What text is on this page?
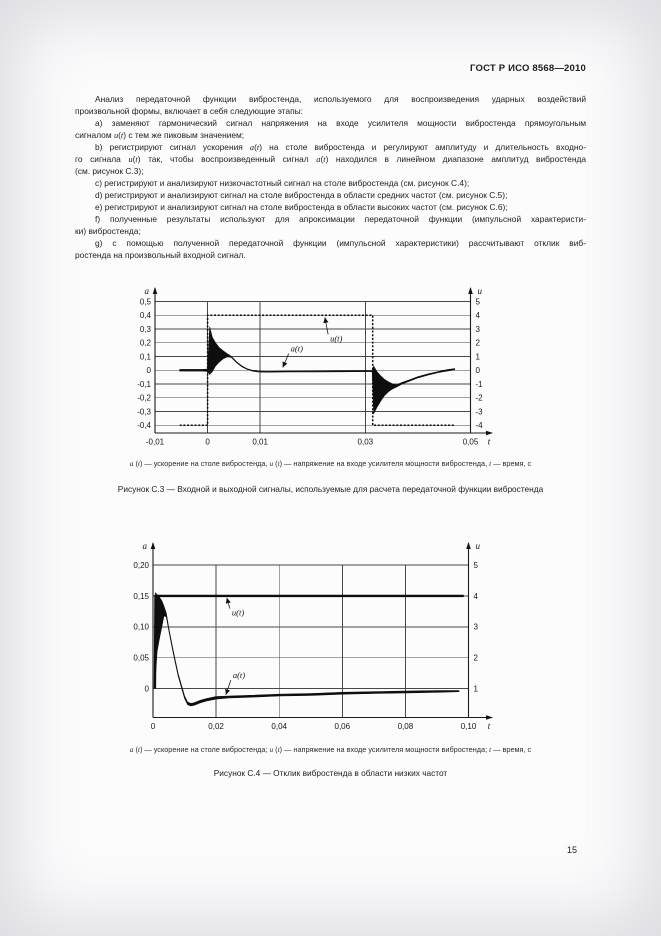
ГОСТ Р ИСО 8568—2010
Анализ передаточной функции вибростенда, используемого для воспроизведения ударных воздействий
произвольной формы, включает в себя следующие этапы:
a) заменяют гармонический сигнал напряжения на входе усилителя мощности вибростенда прямоугольным
сигналом u(t) с тем же пиковым значением;
b) регистрируют сигнал ускорения a(t) на столе вибростенда и регулируют амплитуду и длительность входно-
го сигнала u(t) так, чтобы воспроизведенный сигнал a(t) находился в линейном диапазоне амплитуд вибростенда
(см. рисунок С.3);
c) регистрируют и анализируют низкочастотный сигнал на столе вибростенда (см. рисунок С.4);
d) регистрируют и анализируют сигнал на столе вибростенда в области средних частот (см. рисунок С.5);
e) регистрируют и анализируют сигнал на столе вибростенда в области высоких частот (см. рисунок С.6);
f) полученные результаты используют для апроксимации передаточной функции (импульсной характеристи-
ки) вибростенда;
g) с помощью полученной передаточной функции (импульсной характеристики) рассчитывают отклик виб-
ростенда на произвольный входной сигнал.
0,5
0,4
0,3
0,2
0,1
0
-0,1
-0,2
-0,3
-0,4
5
4
3
2
1
0
-1
-2
-3
-4
-0,01	0	0,01	0,03	0,05
a	u
t
u(t)
a(t)
a (t) — ускорение на столе вибростенда, u (t) — напряжение на входе усилителя мощности вибростенда, t — время, с
Рисунок С.3 — Входной и выходной сигналы, используемые для расчета передаточной функции вибростенда
0,20
0,15
0,10
0,05
0
5
4
3
2
1
0	0,02	0,04	0,06	0,08	0,10
a	u
t
u(t)
a(t)
a (t) — ускорение на столе вибростенда; u (t) — напряжение на входе усилителя мощности вибростенда; t — время, с
Рисунок С.4 — Отклик вибростенда в области низких частот
15
